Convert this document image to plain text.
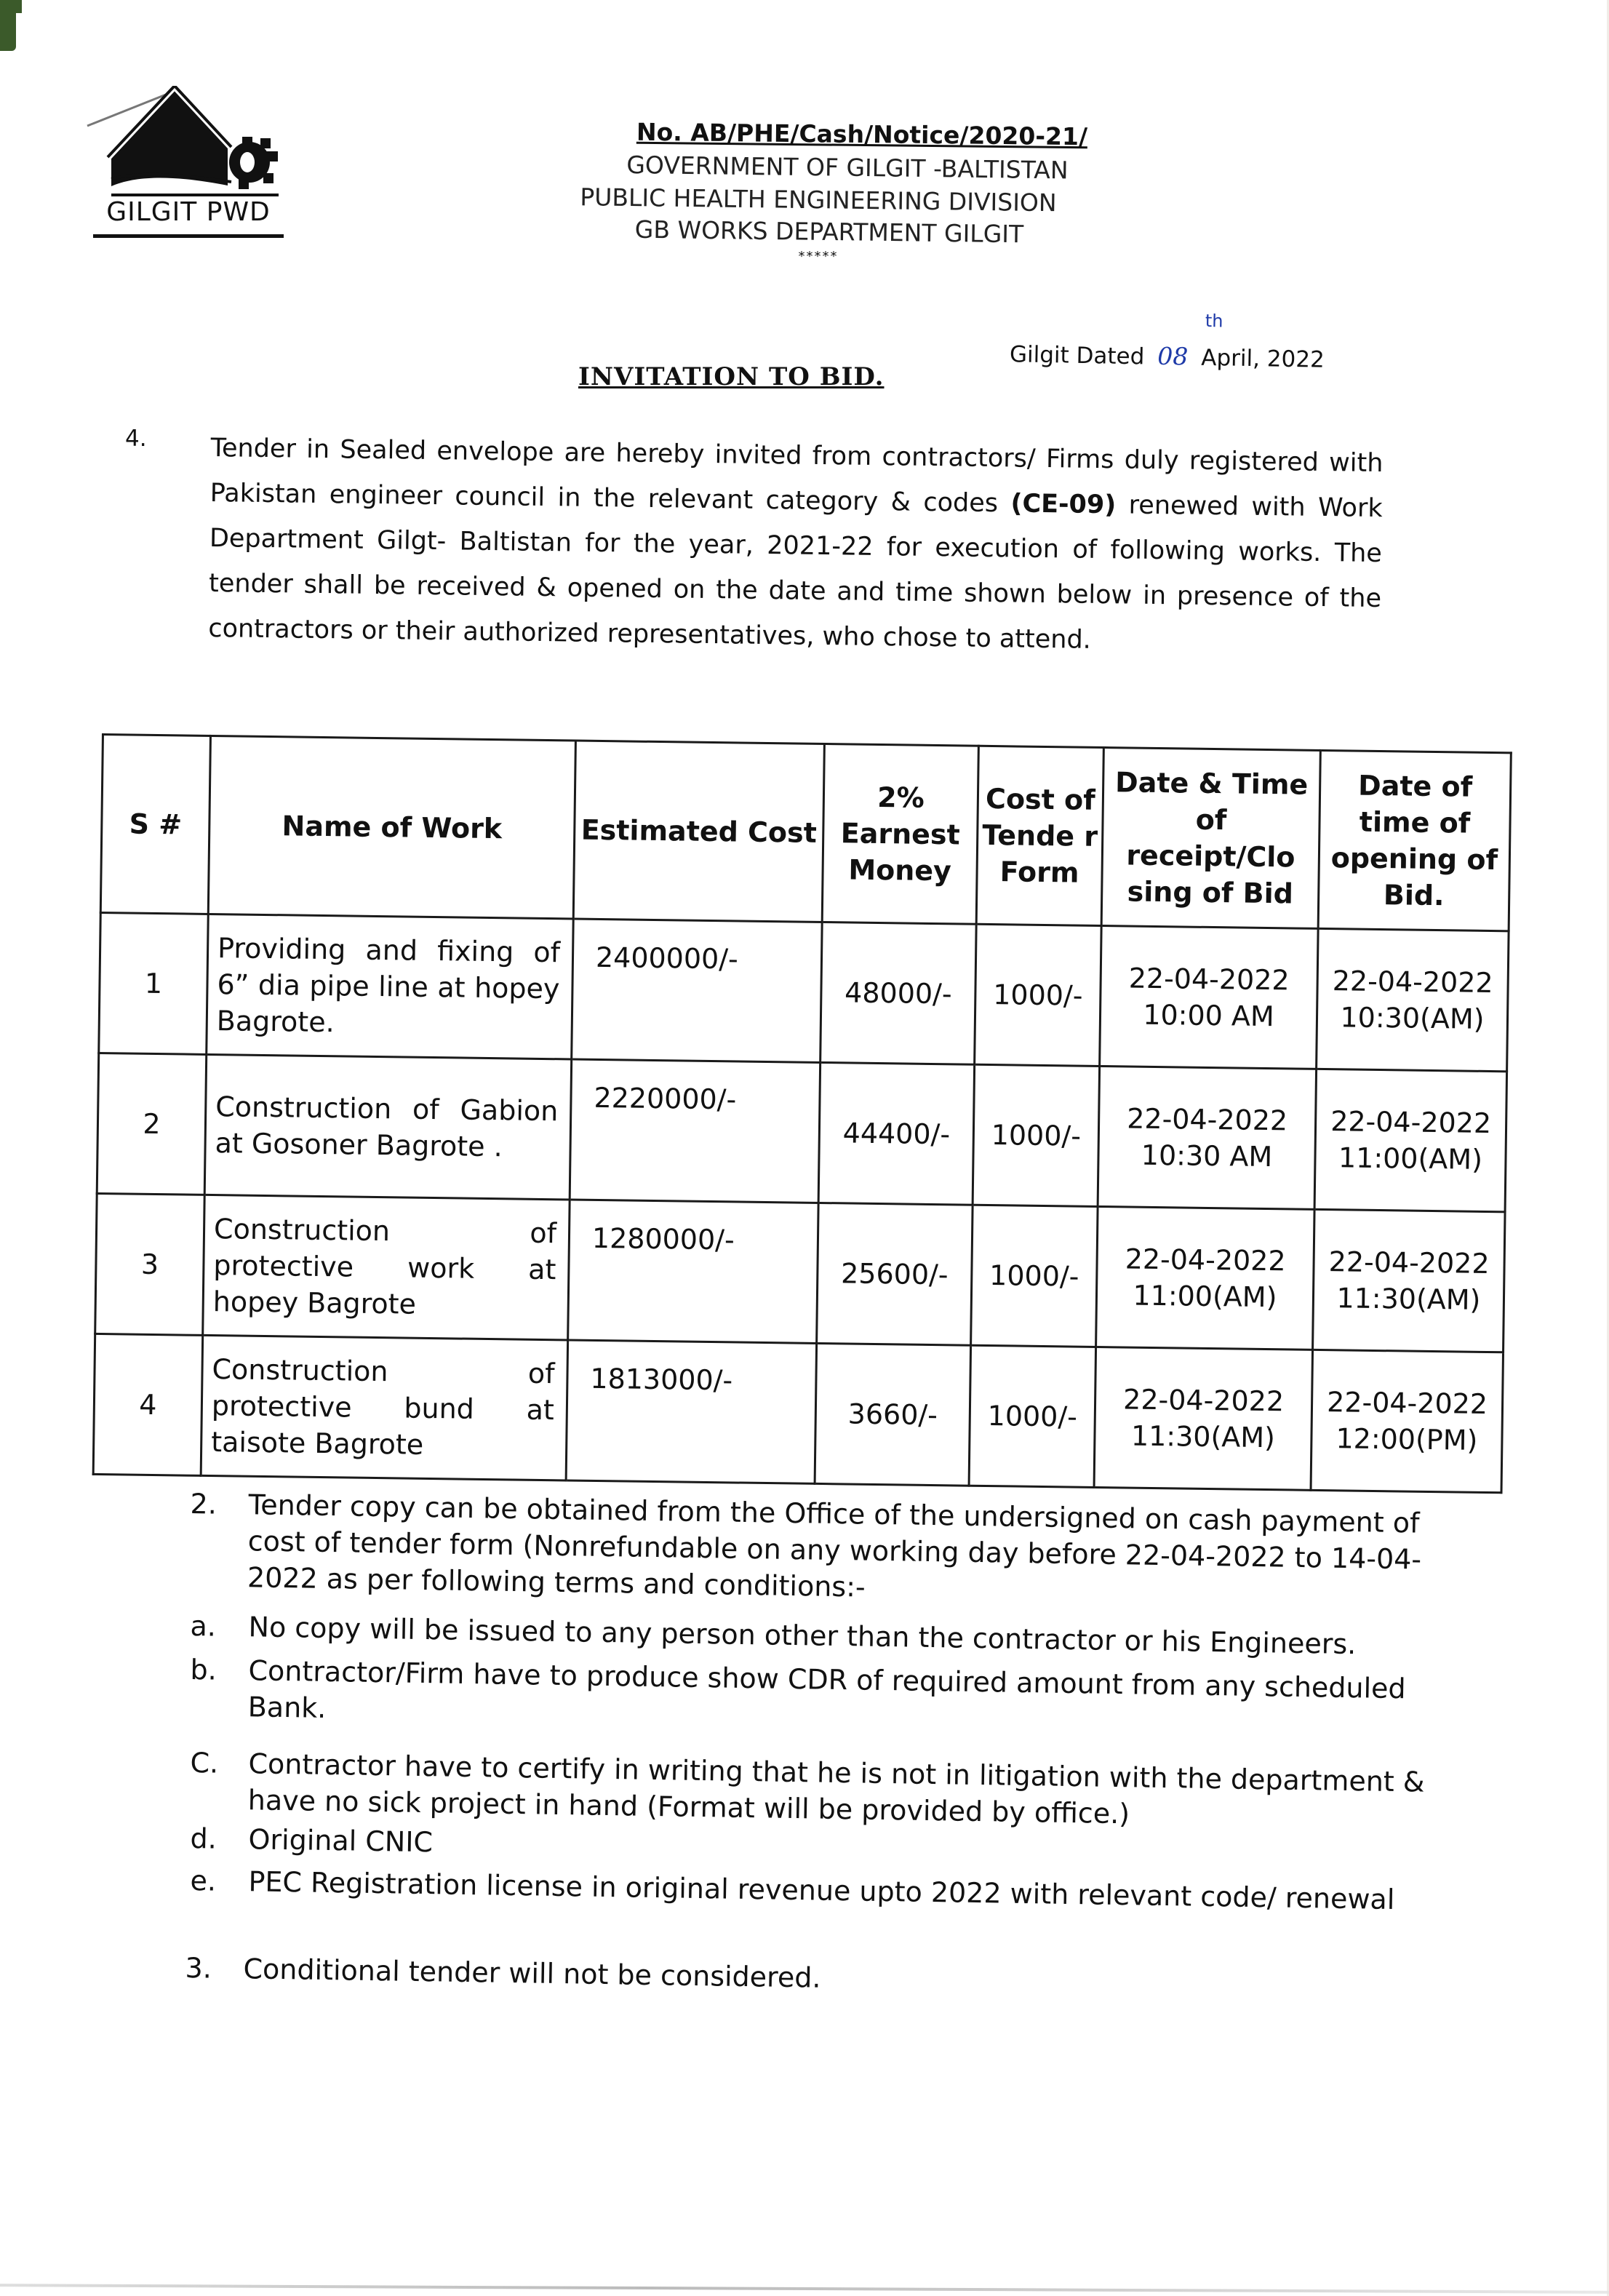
GILGIT PWD
No. AB/PHE/Cash/Notice/2020-21/
GOVERNMENT OF GILGIT -BALTISTAN
PUBLIC HEALTH ENGINEERING DIVISION
GB WORKS DEPARTMENT GILGIT
*****
INVITATION TO BID.
Gilgit Dated 08
th
April, 2022
4.	Tender in Sealed envelope are hereby invited from contractors/ Firms duly registered with Pakistan engineer council in the relevant category & codes (CE-09) renewed with Work Department Gilgt- Baltistan for the year, 2021-22 for execution of following works. The tender shall be received & opened on the date and time shown below in presence of the contractors or their authorized representatives, who chose to attend.
S #	Name of Work	Estimated Cost	2% Earnest Money	Cost of Tende r Form	Date & Time of receipt/Clo sing of Bid	Date of time of opening of Bid.
1	Providing and fixing of 6” dia pipe line at hopey Bagrote.	2400000/-	48000/-	1000/-	22-04-2022 10:00 AM	22-04-2022 10:30(AM)
2	Construction of Gabion at Gosoner Bagrote .	2220000/-	44400/-	1000/-	22-04-2022 10:30 AM	22-04-2022 11:00(AM)
3	Construction of protective work at hopey Bagrote	1280000/-	25600/-	1000/-	22-04-2022 11:00(AM)	22-04-2022 11:30(AM)
4	Construction of protective bund at taisote Bagrote	1813000/-	3660/-	1000/-	22-04-2022 11:30(AM)	22-04-2022 12:00(PM)
2.	Tender copy can be obtained from the Office of the undersigned on cash payment of cost of tender form (Nonrefundable on any working day before 22-04-2022 to 14-04-2022 as per following terms and conditions:-
a.	No copy will be issued to any person other than the contractor or his Engineers.
b.	Contractor/Firm have to produce show CDR of required amount from any scheduled Bank.
C.	Contractor have to certify in writing that he is not in litigation with the department & have no sick project in hand (Format will be provided by office.)
d.	Original CNIC
e.	PEC Registration license in original revenue upto 2022 with relevant code/ renewal
3.	Conditional tender will not be considered.
